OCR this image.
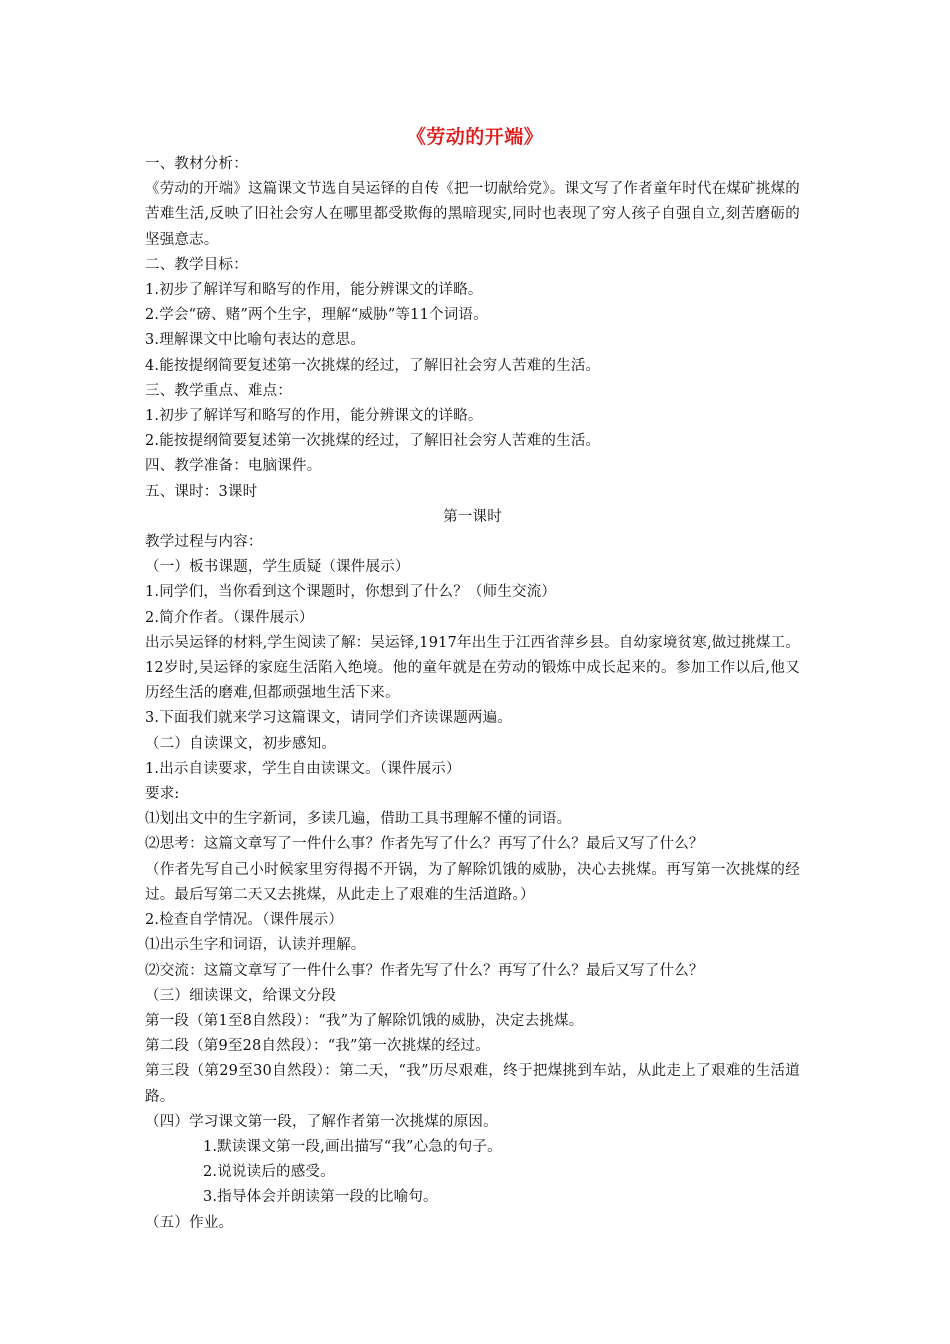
《劳动的开端》
一、教材分析：
《劳动的开端》这篇课文节选自吴运铎的自传《把一切献给党》。课文写了作者童年时代在煤矿挑煤的苦难生活,反映了旧社会穷人在哪里都受欺侮的黑暗现实,同时也表现了穷人孩子自强自立,刻苦磨砺的坚强意志。
二、教学目标：
1.初步了解详写和略写的作用，能分辨课文的详略。
2.学会“磅、赌”两个生字，理解“威胁”等11个词语。
3.理解课文中比喻句表达的意思。
4.能按提纲简要复述第一次挑煤的经过，了解旧社会穷人苦难的生活。
三、教学重点、难点：
1.初步了解详写和略写的作用，能分辨课文的详略。
2.能按提纲简要复述第一次挑煤的经过，了解旧社会穷人苦难的生活。
四、教学准备：电脑课件。
五、课时：3课时
第一课时
教学过程与内容：
（一）板书课题，学生质疑（课件展示）
1.同学们，当你看到这个课题时，你想到了什么？（师生交流）
2.简介作者。（课件展示）
出示吴运铎的材料,学生阅读了解：吴运铎,1917年出生于江西省萍乡县。自幼家境贫寒,做过挑煤工。12岁时,吴运铎的家庭生活陷入绝境。他的童年就是在劳动的锻炼中成长起来的。参加工作以后,他又历经生活的磨难,但都顽强地生活下来。
3.下面我们就来学习这篇课文，请同学们齐读课题两遍。
（二）自读课文，初步感知。
1.出示自读要求，学生自由读课文。（课件展示）
要求:
⑴划出文中的生字新词，多读几遍，借助工具书理解不懂的词语。
⑵思考：这篇文章写了一件什么事？作者先写了什么？再写了什么？最后又写了什么？
（作者先写自己小时候家里穷得揭不开锅，为了解除饥饿的威胁，决心去挑煤。再写第一次挑煤的经过。最后写第二天又去挑煤，从此走上了艰难的生活道路。）
2.检查自学情况。（课件展示）
⑴出示生字和词语，认读并理解。
⑵交流：这篇文章写了一件什么事？作者先写了什么？再写了什么？最后又写了什么？
（三）细读课文，给课文分段
第一段（第1至8自然段）：“我”为了解除饥饿的威胁，决定去挑煤。
第二段（第9至28自然段）：“我”第一次挑煤的经过。
第三段（第29至30自然段）：第二天，“我”历尽艰难，终于把煤挑到车站，从此走上了艰难的生活道路。
（四）学习课文第一段，了解作者第一次挑煤的原因。
1.默读课文第一段,画出描写“我”心急的句子。
2.说说读后的感受。
3.指导体会并朗读第一段的比喻句。
（五）作业。
